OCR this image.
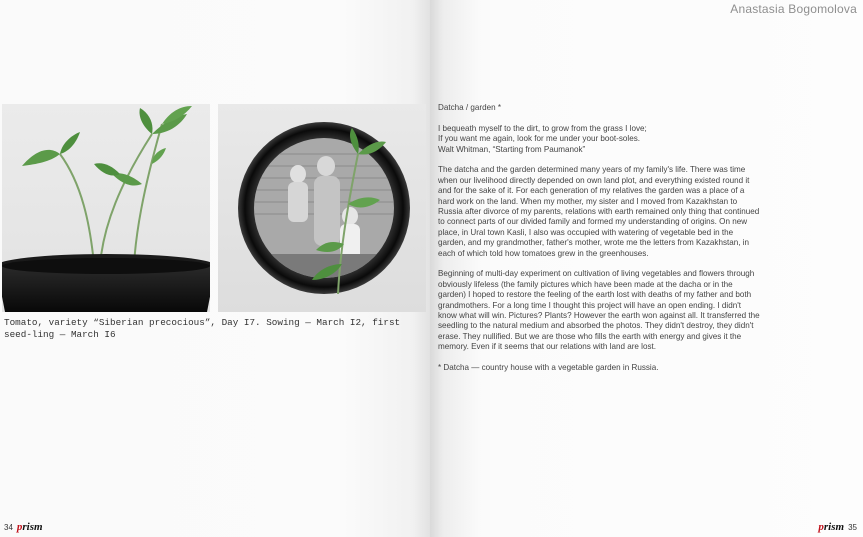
Tomato, variety “Siberian precocious”, Day I7. Sowing — March I2, first seed-ling — March I6
34 prism
Anastasia Bogomolova
prism 35

Datcha / garden *

I bequeath myself to the dirt, to grow from the grass I love;
If you want me again, look for me under your boot-soles.
Walt Whitman, “Starting from Paumanok”

The datcha and the garden determined many years of my family's life. There was time when our livelihood directly depended on own land plot, and everything existed round it and for the sake of it. For each generation of my relatives the garden was a place of a hard work on the land. When my mother, my sister and I moved from Kazakhstan to Russia after divorce of my parents, relations with earth remained only thing that continued to connect parts of our divided family and formed my understanding of origins. On new place, in Ural town Kasli, I also was occupied with watering of vegetable bed in the garden, and my grandmother, father's mother, wrote me the letters from Kazakhstan, in each of which told how tomatoes grew in the greenhouses.

Beginning of multi-day experiment on cultivation of living vegetables and flowers through obviously lifeless (the family pictures which have been made at the dacha or in the garden) I hoped to restore the feeling of the earth lost with deaths of my father and both grandmothers. For a long time I thought this project will have an open ending. I didn't know what will win. Pictures? Plants? However the earth won against all. It transferred the seedling to the natural medium and absorbed the photos. They didn't destroy, they didn't erase. They nullified. But we are those who fills the earth with energy and gives it the memory. Even if it seems that our relations with land are lost.

* Datcha — country house with a vegetable garden in Russia.
